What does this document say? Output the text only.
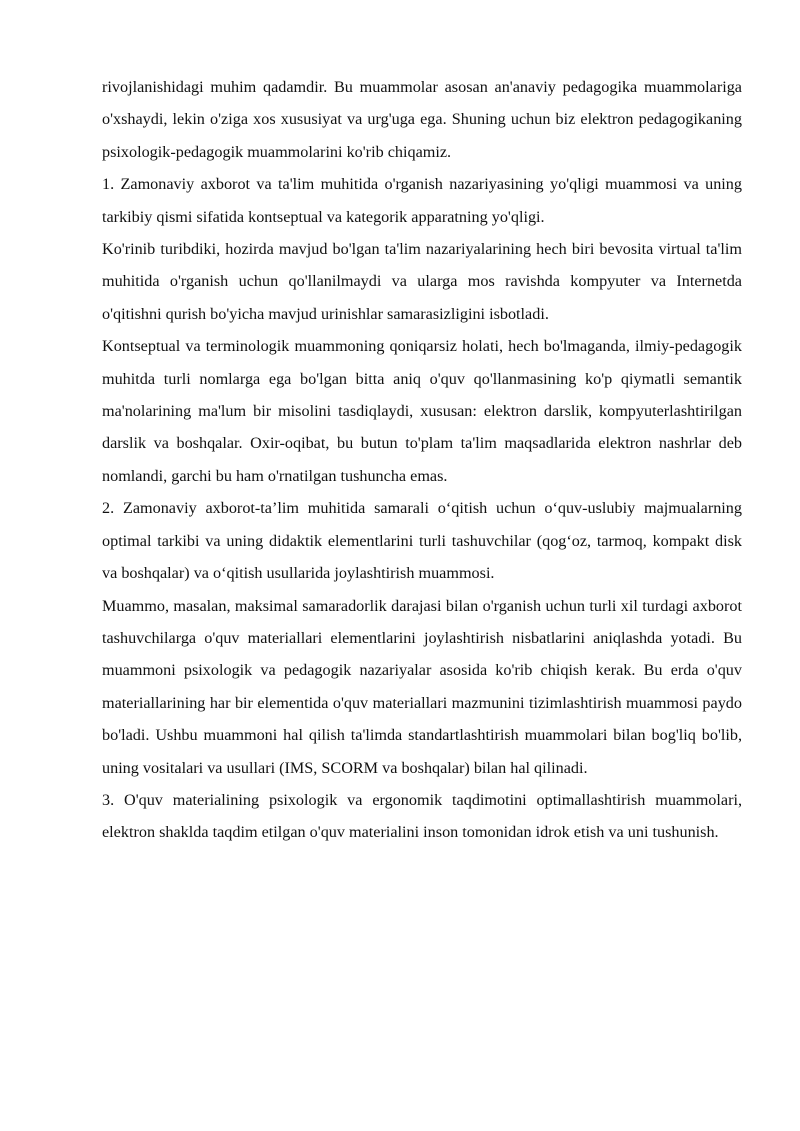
rivojlanishidagi muhim qadamdir. Bu muammolar asosan an'anaviy pedagogika muammolariga o'xshaydi, lekin o'ziga xos xususiyat va urg'uga ega. Shuning uchun biz elektron pedagogikaning psixologik-pedagogik muammolarini ko'rib chiqamiz.

1. Zamonaviy axborot va ta'lim muhitida o'rganish nazariyasining yo'qligi muammosi va uning tarkibiy qismi sifatida kontseptual va kategorik apparatning yo'qligi.

Ko'rinib turibdiki, hozirda mavjud bo'lgan ta'lim nazariyalarining hech biri bevosita virtual ta'lim muhitida o'rganish uchun qo'llanilmaydi va ularga mos ravishda kompyuter va Internetda o'qitishni qurish bo'yicha mavjud urinishlar samarasizligini isbotladi.

Kontseptual va terminologik muammoning qoniqarsiz holati, hech bo'lmaganda, ilmiy-pedagogik muhitda turli nomlarga ega bo'lgan bitta aniq o'quv qo'llanmasining ko'p qiymatli semantik ma'nolarining ma'lum bir misolini tasdiqlaydi, xususan: elektron darslik, kompyuterlashtirilgan darslik va boshqalar. Oxir-oqibat, bu butun to'plam ta'lim maqsadlarida elektron nashrlar deb nomlandi, garchi bu ham o'rnatilgan tushuncha emas.

2. Zamonaviy axborot-ta’lim muhitida samarali o‘qitish uchun o‘quv-uslubiy majmualarning optimal tarkibi va uning didaktik elementlarini turli tashuvchilar (qog‘oz, tarmoq, kompakt disk va boshqalar) va o‘qitish usullarida joylashtirish muammosi.

Muammo, masalan, maksimal samaradorlik darajasi bilan o'rganish uchun turli xil turdagi axborot tashuvchilarga o'quv materiallari elementlarini joylashtirish nisbatlarini aniqlashda yotadi. Bu muammoni psixologik va pedagogik nazariyalar asosida ko'rib chiqish kerak. Bu erda o'quv materiallarining har bir elementida o'quv materiallari mazmunini tizimlashtirish muammosi paydo bo'ladi. Ushbu muammoni hal qilish ta'limda standartlashtirish muammolari bilan bog'liq bo'lib, uning vositalari va usullari (IMS, SCORM va boshqalar) bilan hal qilinadi.

3. O'quv materialining psixologik va ergonomik taqdimotini optimallashtirish muammolari, elektron shaklda taqdim etilgan o'quv materialini inson tomonidan idrok etish va uni tushunish.
